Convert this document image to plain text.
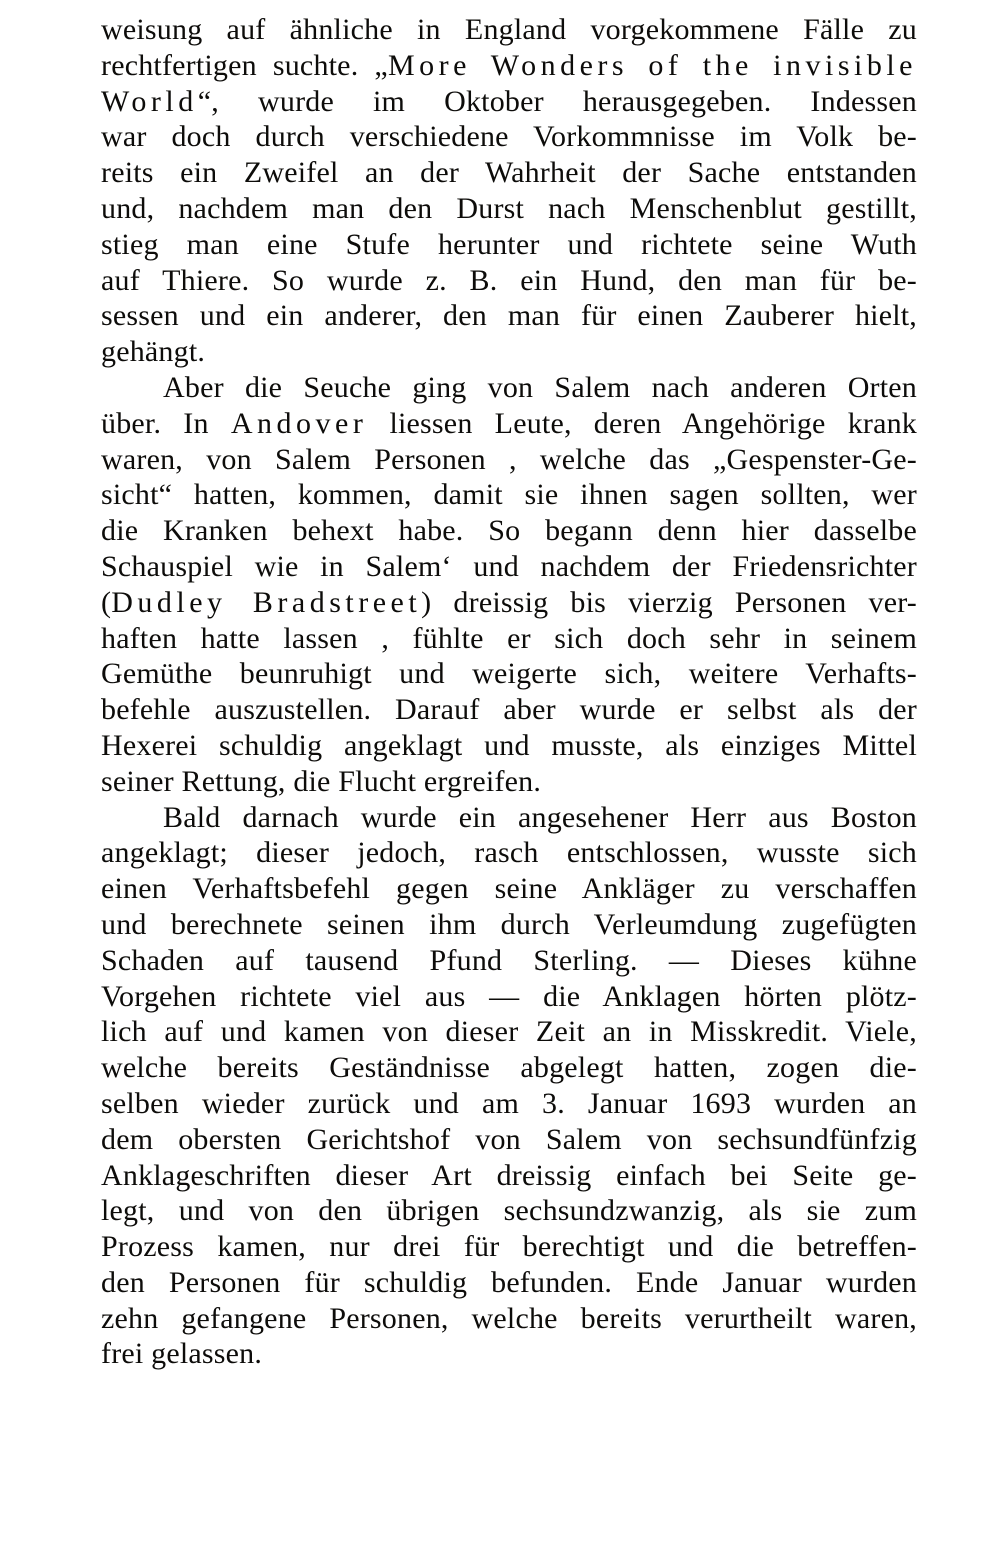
weisung auf ähnliche in England vorgekommene Fälle zu
rechtfertigen suchte. „More Wonders of the invisible
World“, wurde im Oktober herausgegeben. Indessen
war doch durch verschiedene Vorkommnisse im Volk be-
reits ein Zweifel an der Wahrheit der Sache entstanden
und, nachdem man den Durst nach Menschenblut gestillt,
stieg man eine Stufe herunter und richtete seine Wuth
auf Thiere. So wurde z. B. ein Hund, den man für be-
sessen und ein anderer, den man für einen Zauberer hielt,
gehängt.
Aber die Seuche ging von Salem nach anderen Orten
über. In Andover liessen Leute, deren Angehörige krank
waren, von Salem Personen , welche das „Gespenster-Ge-
sicht“ hatten, kommen, damit sie ihnen sagen sollten, wer
die Kranken behext habe. So begann denn hier dasselbe
Schauspiel wie in Salem‘ und nachdem der Friedensrichter
(Dudley Bradstreet) dreissig bis vierzig Personen ver-
haften hatte lassen , fühlte er sich doch sehr in seinem
Gemüthe beunruhigt und weigerte sich, weitere Verhafts-
befehle auszustellen. Darauf aber wurde er selbst als der
Hexerei schuldig angeklagt und musste, als einziges Mittel
seiner Rettung, die Flucht ergreifen.
Bald darnach wurde ein angesehener Herr aus Boston
angeklagt; dieser jedoch, rasch entschlossen, wusste sich
einen Verhaftsbefehl gegen seine Ankläger zu verschaffen
und berechnete seinen ihm durch Verleumdung zugefügten
Schaden auf tausend Pfund Sterling. — Dieses kühne
Vorgehen richtete viel aus — die Anklagen hörten plötz-
lich auf und kamen von dieser Zeit an in Misskredit. Viele,
welche bereits Geständnisse abgelegt hatten, zogen die-
selben wieder zurück und am 3. Januar 1693 wurden an
dem obersten Gerichtshof von Salem von sechsundfünfzig
Anklageschriften dieser Art dreissig einfach bei Seite ge-
legt, und von den übrigen sechsundzwanzig, als sie zum
Prozess kamen, nur drei für berechtigt und die betreffen-
den Personen für schuldig befunden. Ende Januar wurden
zehn gefangene Personen, welche bereits verurtheilt waren,
frei gelassen.
